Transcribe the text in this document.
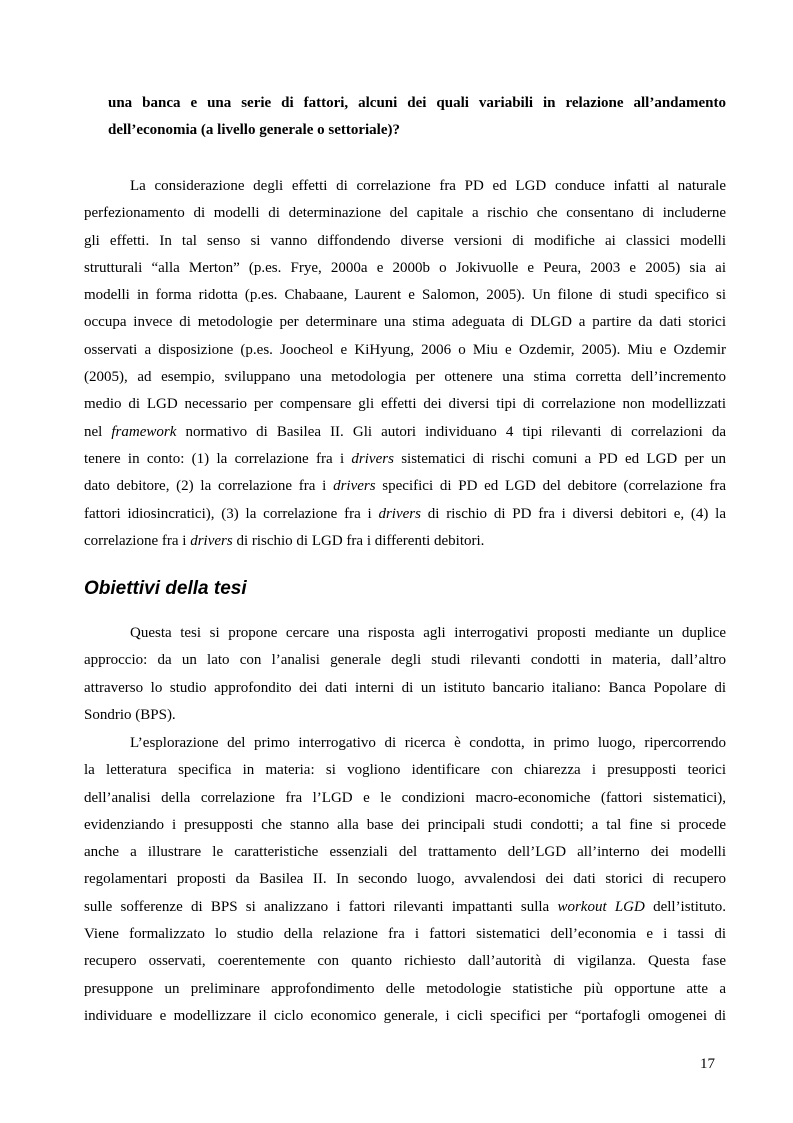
una banca e una serie di fattori, alcuni dei quali variabili in relazione all’andamento
dell’economia (a livello generale o settoriale)?
La considerazione degli effetti di correlazione fra PD ed LGD conduce infatti al naturale
perfezionamento di modelli di determinazione del capitale a rischio che consentano di includerne
gli effetti. In tal senso si vanno diffondendo diverse versioni di modifiche ai classici modelli
strutturali “alla Merton” (p.es. Frye, 2000a e 2000b o Jokivuolle e Peura, 2003 e 2005) sia ai
modelli in forma ridotta (p.es. Chabaane, Laurent e Salomon, 2005). Un filone di studi specifico si
occupa invece di metodologie per determinare una stima adeguata di DLGD a partire da dati storici
osservati a disposizione (p.es. Joocheol e KiHyung, 2006 o Miu e Ozdemir, 2005). Miu e Ozdemir
(2005), ad esempio, sviluppano una metodologia per ottenere una stima corretta dell’incremento
medio di LGD necessario per compensare gli effetti dei diversi tipi di correlazione non modellizzati
nel framework normativo di Basilea II. Gli autori individuano 4 tipi rilevanti di correlazioni da
tenere in conto: (1) la correlazione fra i drivers sistematici di rischi comuni a PD ed LGD per un
dato debitore, (2) la correlazione fra i drivers specifici di PD ed LGD del debitore (correlazione fra
fattori idiosincratici), (3) la correlazione fra i drivers di rischio di PD fra i diversi debitori e, (4) la
correlazione fra i drivers di rischio di LGD fra i differenti debitori.
Obiettivi della tesi
Questa tesi si propone cercare una risposta agli interrogativi proposti mediante un duplice
approccio: da un lato con l’analisi generale degli studi rilevanti condotti in materia, dall’altro
attraverso lo studio approfondito dei dati interni di un istituto bancario italiano: Banca Popolare di
Sondrio (BPS).
L’esplorazione del primo interrogativo di ricerca è condotta, in primo luogo, ripercorrendo
la letteratura specifica in materia: si vogliono identificare con chiarezza i presupposti teorici
dell’analisi della correlazione fra l’LGD e le condizioni macro-economiche (fattori sistematici),
evidenziando i presupposti che stanno alla base dei principali studi condotti; a tal fine si procede
anche a illustrare le caratteristiche essenziali del trattamento dell’LGD all’interno dei modelli
regolamentari proposti da Basilea II. In secondo luogo, avvalendosi dei dati storici di recupero
sulle sofferenze di BPS si analizzano i fattori rilevanti impattanti sulla workout LGD dell’istituto.
Viene formalizzato lo studio della relazione fra i fattori sistematici dell’economia e i tassi di
recupero osservati, coerentemente con quanto richiesto dall’autorità di vigilanza. Questa fase
presuppone un preliminare approfondimento delle metodologie statistiche più opportune atte a
individuare e modellizzare il ciclo economico generale, i cicli specifici per “portafogli omogenei di
17
